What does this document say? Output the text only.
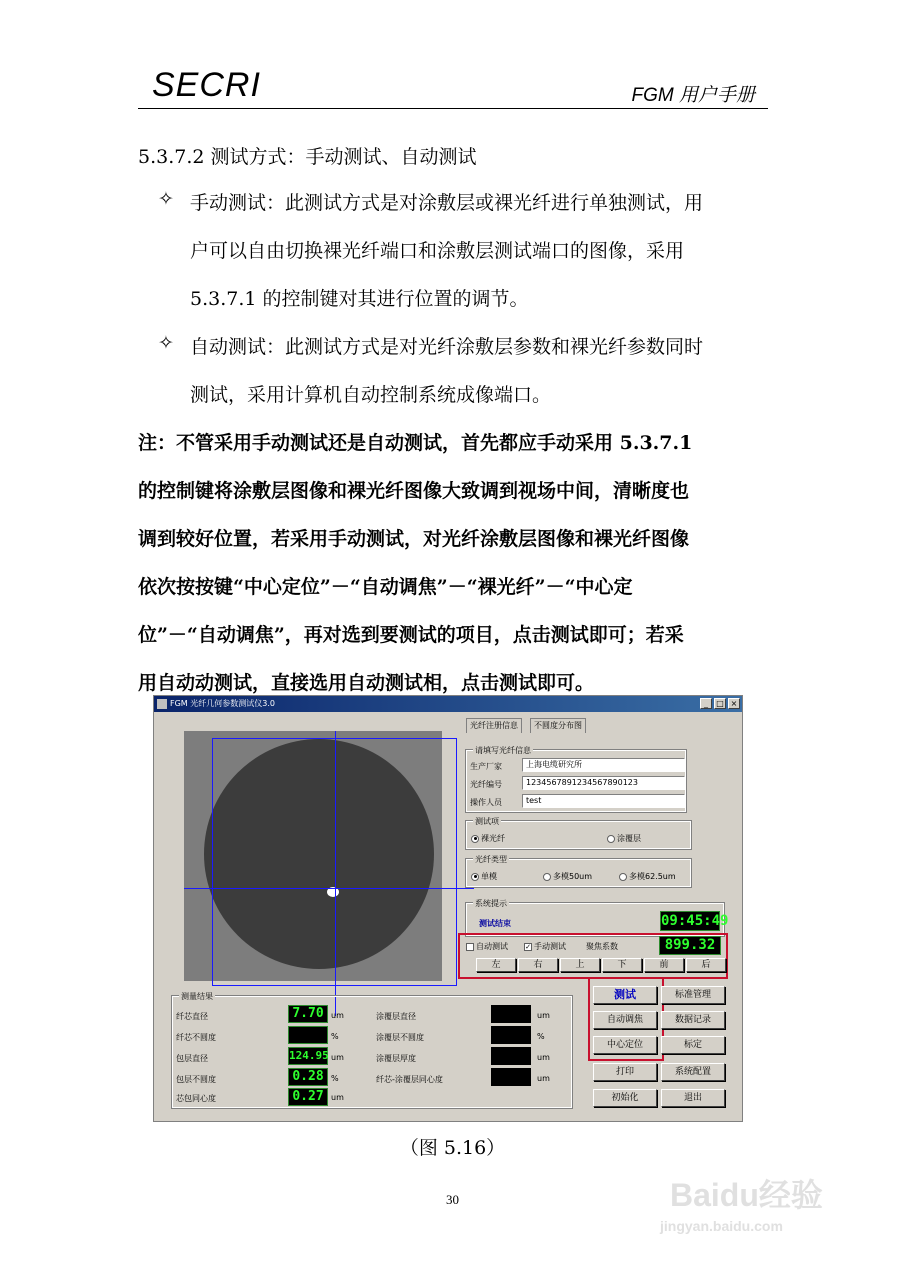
SECRI	FGM 用户手册
5.3.7.2 测试方式：手动测试、自动测试
✧ 手动测试：此测试方式是对涂敷层或裸光纤进行单独测试，用
户可以自由切换裸光纤端口和涂敷层测试端口的图像，采用
5.3.7.1 的控制键对其进行位置的调节。
✧ 自动测试：此测试方式是对光纤涂敷层参数和裸光纤参数同时
测试，采用计算机自动控制系统成像端口。
注：不管采用手动测试还是自动测试，首先都应手动采用 5.3.7.1
的控制键将涂敷层图像和裸光纤图像大致调到视场中间，清晰度也
调到较好位置，若采用手动测试，对光纤涂敷层图像和裸光纤图像
依次按按键“中心定位”－“自动调焦”－“裸光纤”－“中心定
位”－“自动调焦”，再对选到要测试的项目，点击测试即可；若采
用自动动测试，直接选用自动测试相，点击测试即可。
FGM 光纤几何参数测试仪3.0	_	□ ×
光纤注册信息	不圆度分布图
请填写光纤信息
生产厂家	上海电缆研究所
光纤编号	1234567891234567890123
操作人员	test
测试项
裸光纤	涂覆层
光纤类型
单模	多模50um	多模62.5um
系统提示
测试结束	09:45:49
自动测试 ✓ 手动测试	聚焦系数	899.32
左	右	上	下	前	后
测量结果
纤芯直径	7.70 um
纤芯不圆度	%
包层直径	124.95 um
包层不圆度	0.28 %
芯包同心度	0.27 um
涂覆层直径	um
涂覆层不圆度	%
涂覆层厚度	um
纤芯-涂覆层同心度	um
测试	标准管理
自动调焦	数据记录
中心定位	标定
打印	系统配置
初始化	退出
（图 5.16）
30	Baidu经验
jingyan.baidu.com
